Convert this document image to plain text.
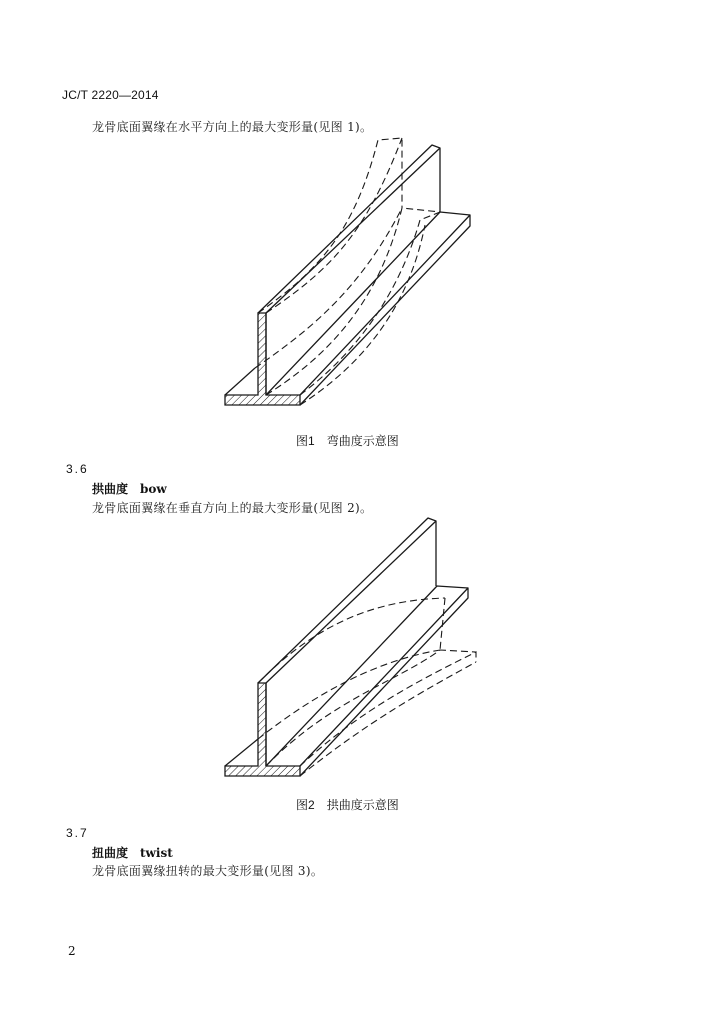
JC/T 2220—2014
龙骨底面翼缘在水平方向上的最大变形量(见图 1)。
图1 弯曲度示意图
3.6
拱曲度 bow
龙骨底面翼缘在垂直方向上的最大变形量(见图 2)。
图2 拱曲度示意图
3.7
扭曲度 twist
龙骨底面翼缘扭转的最大变形量(见图 3)。
2
